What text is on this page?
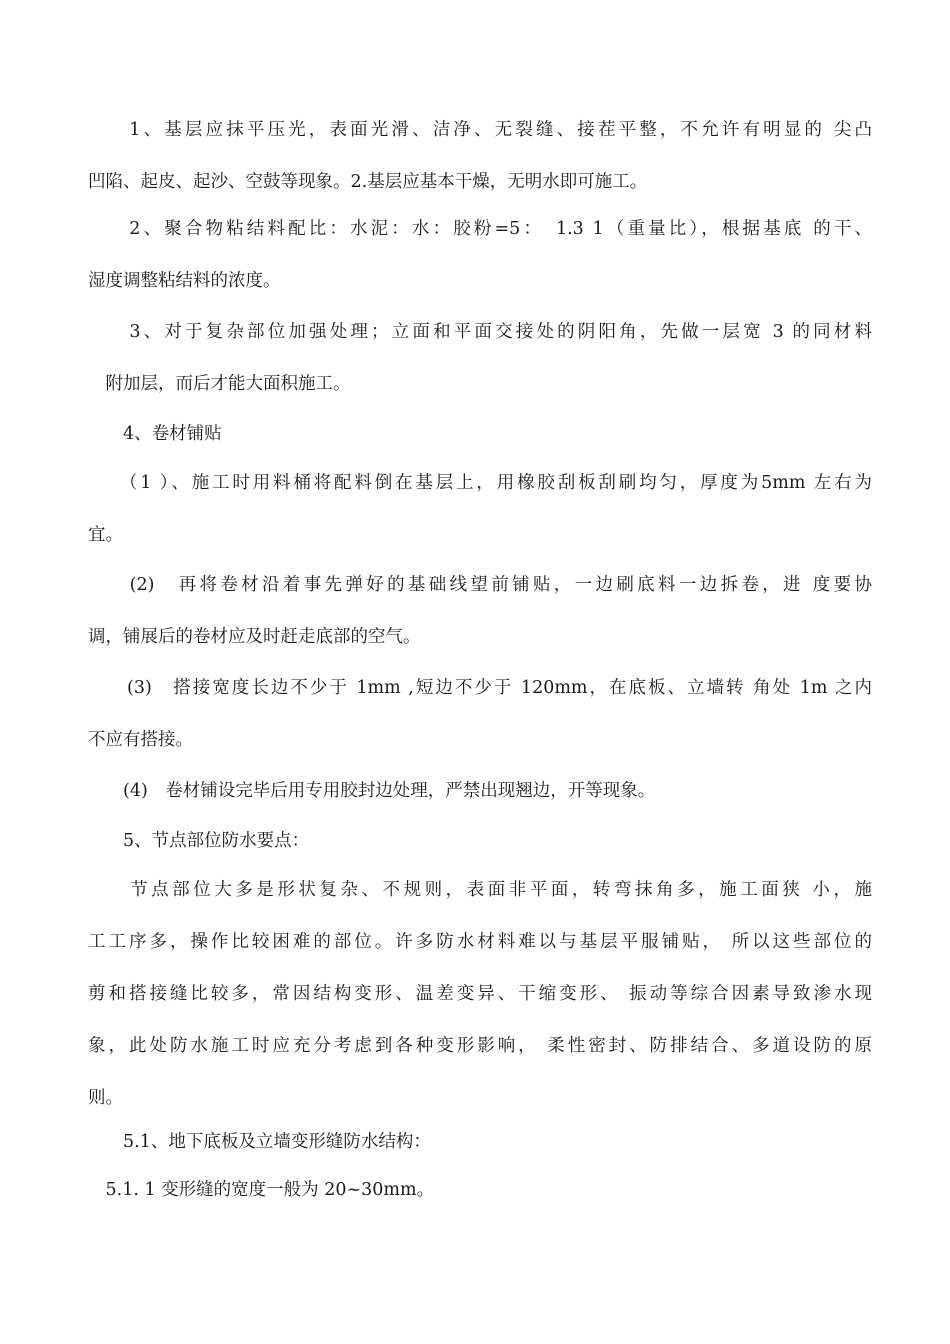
　　1、基层应抹平压光，表面光滑、洁净、无裂缝、接茬平整，不允许有明显的 尖凸
凹陷、起皮、起沙、空鼓等现象。2.基层应基本干燥，无明水即可施工。
　　2、聚合物粘结料配比：水泥：水：胶粉=5：　1.3 1（重量比），根据基底 的干、
湿度调整粘结料的浓度。
　　3、对于复杂部位加强处理；立面和平面交接处的阴阳角，先做一层宽 3 的同材料
　附加层，而后才能大面积施工。
　　4、卷材铺贴
　　（1 ）、施工时用料桶将配料倒在基层上，用橡胶刮板刮刷均匀，厚度为5mm 左右为
宜。
　　(2)　再将卷材沿着事先弹好的基础线望前铺贴，一边刷底料一边拆卷，进 度要协
调，铺展后的卷材应及时赶走底部的空气。
　　(3)　搭接宽度长边不少于 1mm ,短边不少于 120mm，在底板、立墙转 角处 1m 之内
不应有搭接。
　　(4)　卷材铺设完毕后用专用胶封边处理，严禁出现翘边，开等现象。
　　5、节点部位防水要点：
　　节点部位大多是形状复杂、不规则，表面非平面，转弯抹角多，施工面狭 小，施
工工序多，操作比较困难的部位。许多防水材料难以与基层平服铺贴， 所以这些部位的
剪和搭接缝比较多，常因结构变形、温差变异、干缩变形、 振动等综合因素导致渗水现
象，此处防水施工时应充分考虑到各种变形影响， 柔性密封、防排结合、多道设防的原
则。
　　5.1、地下底板及立墙变形缝防水结构：
　5.1. 1 变形缝的宽度一般为 20~30mm。
